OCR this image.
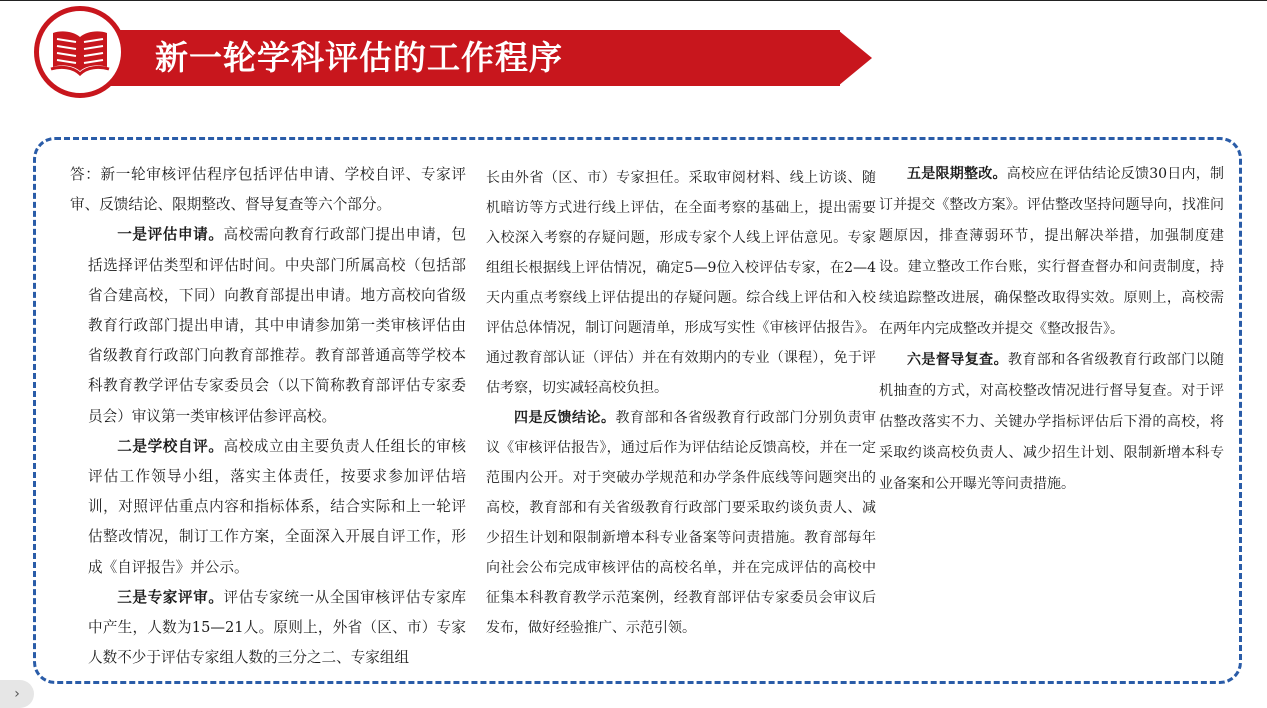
新一轮学科评估的工作程序

答：新一轮审核评估程序包括评估申请、学校自评、专家评审、反馈结论、限期整改、督导复查等六个部分。

一是评估申请。高校需向教育行政部门提出申请，包括选择评估类型和评估时间。中央部门所属高校（包括部省合建高校，下同）向教育部提出申请。地方高校向省级教育行政部门提出申请，其中申请参加第一类审核评估由省级教育行政部门向教育部推荐。教育部普通高等学校本科教育教学评估专家委员会（以下简称教育部评估专家委员会）审议第一类审核评估参评高校。

二是学校自评。高校成立由主要负责人任组长的审核评估工作领导小组，落实主体责任，按要求参加评估培训，对照评估重点内容和指标体系，结合实际和上一轮评估整改情况，制订工作方案，全面深入开展自评工作，形成《自评报告》并公示。

三是专家评审。评估专家统一从全国审核评估专家库中产生，人数为15—21人。原则上，外省（区、市）专家人数不少于评估专家组人数的三分之二、专家组组

长由外省（区、市）专家担任。采取审阅材料、线上访谈、随机暗访等方式进行线上评估，在全面考察的基础上，提出需要入校深入考察的存疑问题，形成专家个人线上评估意见。专家组组长根据线上评估情况，确定5—9位入校评估专家，在2—4天内重点考察线上评估提出的存疑问题。综合线上评估和入校评估总体情况，制订问题清单，形成写实性《审核评估报告》。通过教育部认证（评估）并在有效期内的专业（课程），免于评估考察，切实减轻高校负担。

四是反馈结论。教育部和各省级教育行政部门分别负责审议《审核评估报告》，通过后作为评估结论反馈高校，并在一定范围内公开。对于突破办学规范和办学条件底线等问题突出的高校，教育部和有关省级教育行政部门要采取约谈负责人、减少招生计划和限制新增本科专业备案等问责措施。教育部每年向社会公布完成审核评估的高校名单，并在完成评估的高校中征集本科教育教学示范案例，经教育部评估专家委员会审议后发布，做好经验推广、示范引领。

五是限期整改。高校应在评估结论反馈30日内，制订并提交《整改方案》。评估整改坚持问题导向，找准问题原因，排查薄弱环节，提出解决举措，加强制度建设。建立整改工作台账，实行督查督办和问责制度，持续追踪整改进展，确保整改取得实效。原则上，高校需在两年内完成整改并提交《整改报告》。

六是督导复查。教育部和各省级教育行政部门以随机抽查的方式，对高校整改情况进行督导复查。对于评估整改落实不力、关键办学指标评估后下滑的高校，将采取约谈高校负责人、减少招生计划、限制新增本科专业备案和公开曝光等问责措施。

›
